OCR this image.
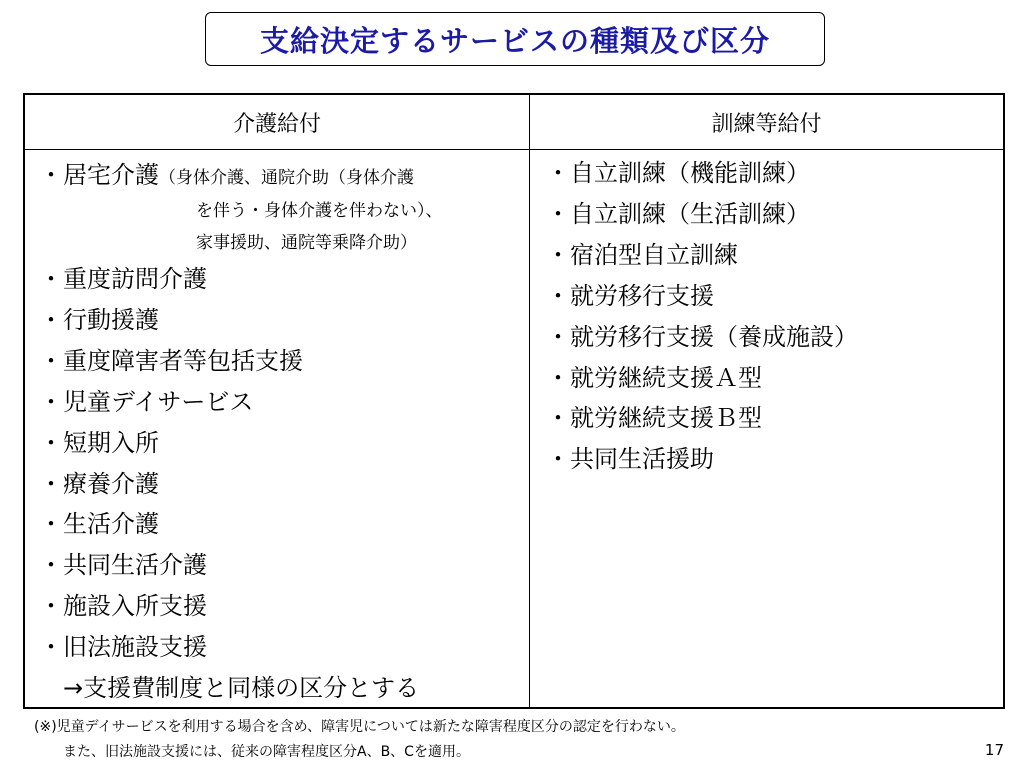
支給決定するサービスの種類及び区分
介護給付	訓練等給付
・ 居宅介護（身体介護、通院介助（身体介護
を伴う・身体介護を伴わない）、
家事援助、通院等乗降介助）
・ 重度訪問介護
・ 行動援護
・ 重度障害者等包括支援
・ 児童デイサービス
・ 短期入所
・ 療養介護
・ 生活介護
・ 共同生活介護
・ 施設入所支援
・ 旧法施設支援
→支援費制度と同様の区分とする
・ 自立訓練（機能訓練）
・ 自立訓練（生活訓練）
・ 宿泊型自立訓練
・ 就労移行支援
・ 就労移行支援（養成施設）
・ 就労継続支援Ａ型
・ 就労継続支援Ｂ型
・ 共同生活援助
(※)児童デイサービスを利用する場合を含め、障害児については新たな障害程度区分の認定を行わない。
また、旧法施設支援には、従来の障害程度区分A、B、Cを適用。	17
